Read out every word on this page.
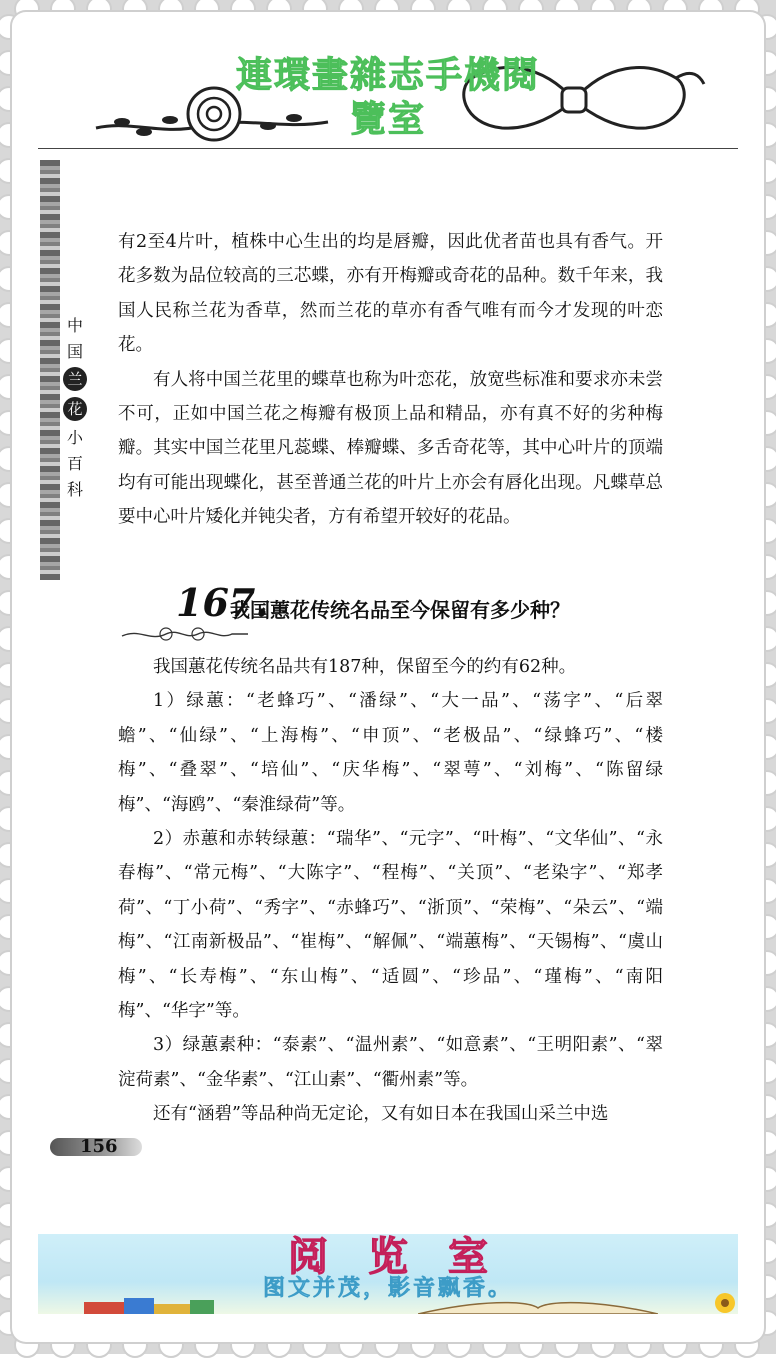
連環畫雜志手機閱
覽室
中
国
兰
花
小
百
科

有2至4片叶，植株中心生出的均是唇瓣，因此优者苗也具有香气。开花多数为品位较高的三芯蝶，亦有开梅瓣或奇花的品种。数千年来，我国人民称兰花为香草，然而兰花的草亦有香气唯有而今才发现的叶恋花。

有人将中国兰花里的蝶草也称为叶恋花，放宽些标准和要求亦未尝不可，正如中国兰花之梅瓣有极顶上品和精品，亦有真不好的劣种梅瓣。其实中国兰花里凡蕊蝶、棒瓣蝶、多舌奇花等，其中心叶片的顶端均有可能出现蝶化，甚至普通兰花的叶片上亦会有唇化出现。凡蝶草总要中心叶片矮化并钝尖者，方有希望开较好的花品。

167.
我国蕙花传统名品至今保留有多少种？

我国蕙花传统名品共有187种，保留至今的约有62种。

1）绿蕙：“老蜂巧”、“潘绿”、“大一品”、“荡字”、“后翠蟾”、“仙绿”、“上海梅”、“申顶”、“老极品”、“绿蜂巧”、“楼梅”、“叠翠”、“培仙”、“庆华梅”、“翠萼”、“刘梅”、“陈留绿梅”、“海鸥”、“秦淮绿荷”等。

2）赤蕙和赤转绿蕙：“瑞华”、“元字”、“叶梅”、“文华仙”、“永春梅”、“常元梅”、“大陈字”、“程梅”、“关顶”、“老染字”、“郑孝荷”、“丁小荷”、“秀字”、“赤蜂巧”、“浙顶”、“荣梅”、“朵云”、“端梅”、“江南新极品”、“崔梅”、“解佩”、“端蕙梅”、“天锡梅”、“虞山梅”、“长寿梅”、“东山梅”、“适圆”、“珍品”、“瑾梅”、“南阳梅”、“华字”等。

3）绿蕙素种：“泰素”、“温州素”、“如意素”、“王明阳素”、“翠淀荷素”、“金华素”、“江山素”、“衢州素”等。

还有“涵碧”等品种尚无定论，又有如日本在我国山采兰中选

156
阅览室
图文并茂，影音飘香。
